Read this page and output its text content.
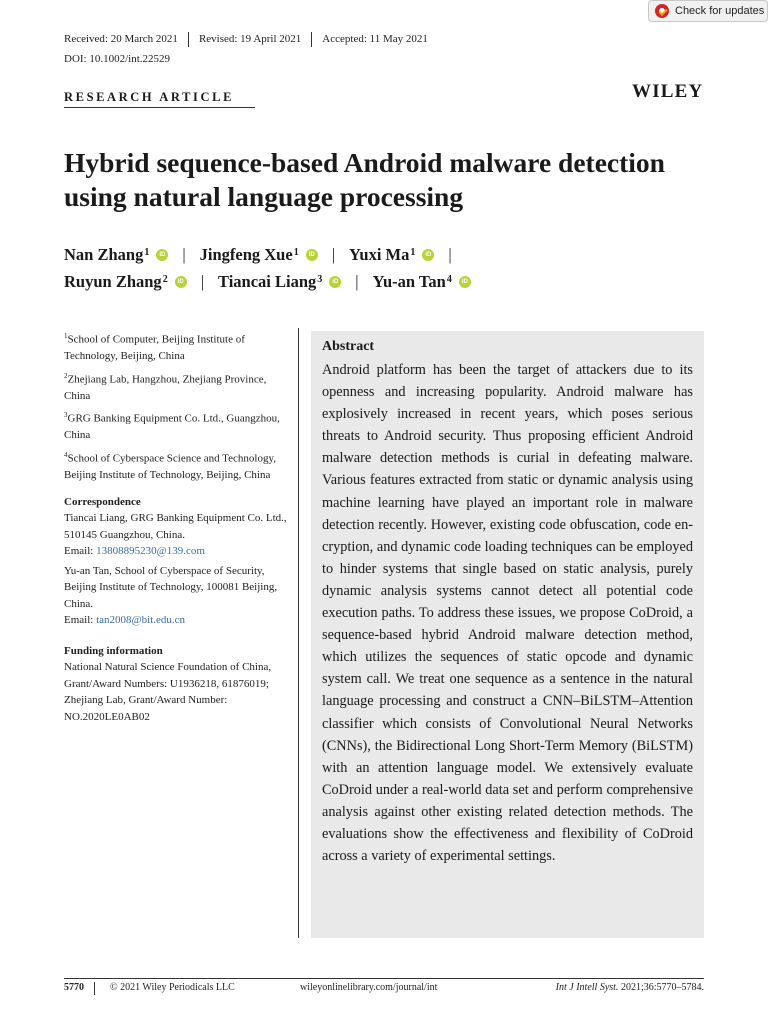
Check for updates
Received: 20 March 2021 Revised: 19 April 2021 Accepted: 11 May 2021
DOI: 10.1002/int.22529
RESEARCH ARTICLE	WILEY
Hybrid sequence-based Android malware detection using natural language processing
Nan Zhang$^1$	iD | Jingfeng Xue$^1$	iD | Yuxi Ma$^1$	iD |
Ruyun Zhang$^2$	iD | Tiancai Liang$^3$	iD | Yu-an Tan$^4$	iD
$^1$School of Computer, Beijing Institute of Technology, Beijing, China
$^2$Zhejiang Lab, Hangzhou, Zhejiang Province, China
$^3$GRG Banking Equipment Co. Ltd., Guangzhou, China
$^4$School of Cyberspace Science and Technology, Beijing Institute of Technology, Beijing, China
Correspondence
Tiancai Liang, GRG Banking Equipment Co. Ltd., 510145 Guangzhou, China.
Email: 13808895230@139.com
Yu-an Tan, School of Cyberspace of Security, Beijing Institute of Technology, 100081 Beijing, China.
Email: tan2008@bit.edu.cn
Funding information
National Natural Science Foundation of China, Grant/Award Numbers: U1936218, 61876019; Zhejiang Lab, Grant/Award Number: NO.2020LE0AB02
Abstract

Android platform has been the target of attackers due to its openness and increasing popularity. Android malware has explosively increased in recent years, which poses serious threats to Android security. Thus proposing efficient Android malware detection methods is curial in defeating malware. Various features extracted from static or dynamic analysis using machine learning have played an important role in malware detection recently. However, existing code obfuscation, code encryption, and dynamic code loading techniques can be employed to hinder systems that single based on static analysis, purely dynamic analysis systems cannot detect all potential code execution paths. To address these issues, we propose CoDroid, a sequence-based hybrid Android malware detection method, which utilizes the sequences of static opcode and dynamic system call. We treat one sequence as a sentence in the natural language processing and construct a CNN–BiLSTM–Attention classifier which consists of Convolutional Neural Networks (CNNs), the Bidirectional Long Short-Term Memory (BiLSTM) with an attention language model. We extensively evaluate CoDroid under a real-world data set and perform comprehensive analysis against other existing related detection methods. The evaluations show the effectiveness and flexibility of CoDroid across a variety of experimental settings.

5770	© 2021 Wiley Periodicals LLC	wileyonlinelibrary.com/journal/int	Int J Intell Syst. 2021;36:5770–5784.
